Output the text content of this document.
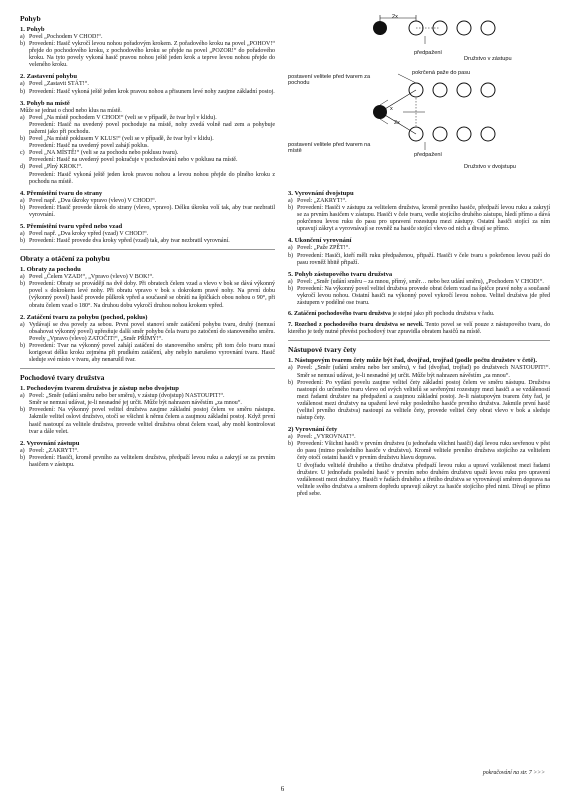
Pohyb
1. Pohyb
a) Povel „Pochodem V CHOD!“.
b) Provedení: Hasič vykročí levou nohou pořadovým krokem. Z pořadového kroku na povel „POHOV!“ přejde do pochodového kroku, z pochodového kroku se přejde na povel „POZOR!“ do pořadového kroku. Na tyto povely vykoná hasič pravou nohou ještě jeden krok a teprve levou nohou přejde do veleného kroku.
2. Zastavení pohybu
a) Povel „Zastavit STÁT!“.
b) Provedení: Hasič vykoná ještě jeden krok pravou nohou a přisunem levé nohy zaujme základní postoj.
3. Pohyb na místě

Může se jednat o chod nebo klus na místě.

a) Povel „Na místě pochodem V CHOD!“ (veli se v případě, že tvar byl v klidu).

Provedení: Hasič na uvedený povel pochoduje na místě, nohy zvedá volně nad zem a pohybuje pažemi jako při pochodu.

b) Povel „Na místě poklusem V KLUS!“ (veli se v případě, že tvar byl v klidu).

Provedení: Hasič na uvedený povel zahájí poklus.

c) Povel „NA MÍSTĚ!“ (veli se za pochodu nebo poklusu tvaru).

Provedení: Hasič na uvedený povel pokračuje v pochodování nebo v poklusu na místě.

d) Povel „Plný KROK!“.

Provedení: Hasič vykoná ještě jeden krok pravou nohou a levou nohou přejde do plného kroku z pochodu na místě.

4. Přemístění tvaru do strany
a) Povel např. „Dva úkroky vpravo (vlevo) V CHOD!“.
b) Provedení: Hasič provede úkrok do strany (vlevo, vpravo). Délku úkroku volí tak, aby tvar nezbratil vyrovnání.
5. Přemístění tvaru vpřed nebo vzad
a) Povel např. „Dva kroky vpřed (vzad) V CHOD!“.
b) Provedení: Hasič provede dva kroky vpřed (vzad) tak, aby tvar nezbratil vyrovnání.
Obraty a otáčení za pohybu
1. Obraty za pochodu
a) Povel „Čelem VZAD!“, „Vpravo (vlevo) V BOK!“.
b) Provedení: Obraty se provádějí na dvě doby. Při obratech čelem vzad a vlevo v bok se dává výkonný povel s dokrokem levé nohy. Při obratu vpravo v bok s dokrokem pravé nohy. Na první dobu (výkonný povel) hasič provede půlkrok vpřed a současně se obrátí na špičkách obou nohou o 90°, při obratu čelem vzad o 180°. Na druhou dobu vykročí druhou nohou krokem vpřed.
2. Zatáčení tvaru za pohybu (pochod, poklus)
a) Vydávají se dva povely za sebou. První povel stanoví směr zatáčení pohybu tvaru, druhý (nemusí obsahovat výkonný povel) upřesňuje další směr pohybu čela tvaru po zatočení do stanoveného směru. Povely „Vpravo (vlevo) ZATOČIT!“, „Směr PŘÍMÝ!“.
b) Provedení: Tvar na výkonný povel zahájí zatáčení do stanoveného směru; při tom čelo tvaru musí korigovat délku kroku zejména při prudkém zatáčení, aby nebylo narušeno vyrovnání tvaru. Hasič sleduje své místo v tvaru, aby nenarušil tvar.
Pochodové tvary družstva
1. Pochodovým tvarem družstva je zástup nebo dvojstup
a) Povel: „Směr (udání směru nebo ber směru), v zástup (dvojstup) NASTOUPIT!“.

Směr se nemusí udávat, je-li nesnadné jej určit. Může být nahrazen návěstím „za mnou“.

b) Provedení: Na výkonný povel velitel družstva zaujme základní postoj čelem ve směru nástupu. Jakmile velitel oslovi družstvo, otočí se všichni k němu čelem a zaujmou základní postoj. Když první hasič nastoupí za velitele družstva, provede velitel družstva obrat čelem vzad, aby mohl kontrolovat tvar a dále velet.
2. Vyrovnání zástupu
a) Povel: „ZAKRYT!“.
b) Provedení: Hasiči, kromě prvního za velitelem družstva, předpaží levou ruku a zakryjí se za prvním hasičem v zástupu.
předpažení
Družstvo v zástupu
2x
pokrčená paže do pasu
postavení velitele před tvarem za pochodu
postavení velitele před tvarem na místě
x
2x
předpažení
Družstvo v dvojstupu
3. Vyrovnání dvojstupu
a) Povel: „ZAKRYT!“.
b) Provedení: Hasiči v zástupu za velitelem družstva, kromě prvního hasiče, předpaží levou ruku a zakryjí se za prvním hasičem v zástupu. Hasiči v čele tvaru, vedle stojícího druhého zástupu, hledí přímo a dává pokrčenou levou ruku do pasu pro upravení rozestupu mezi zástupy. Ostatní hasiči stojící za ním upravují zákryt a vyrovnávají se rovněž na hasiče stojící vlevo od nich a divají se přímo.
4. Ukončení vyrovnání
a) Povel: „Paže ZPĚT!“.
b) Provedení: Hasiči, kteří měli ruku předpaženou, připaží. Hasiči v čele tvaru s pokrčenou levou paží do pasu rovněž hbitě připaží.
5. Pohyb zástupového tvaru družstva
a) Povel: „Směr (udání směru – za mnou, přímý, směr… nebo bez udání směru), „Pochodem V CHOD!“.
b) Provedení: Na výkonný povel velitel družstva provede obrat čelem vzad na špičce pravé nohy a současně vykročí levou nohou. Ostatní hasiči na výkonný povel vykročí levou nohou. Velitel družstva jde před zástupem v podélné ose tvaru.

6. Zatáčení pochodového tvaru družstva je stejné jako při pochodu družstva v řadu.

7. Rozchod z pochodového tvaru družstva se nevelí. Tento povel se velí pouze z nástupového tvaru, do kterého je tedy nutné převést pochodový tvar zpravidla obratem hasičů na místě.

Nástupové tvary čety
1. Nástupovým tvarem čety může být řad, dvojřad, trojřad (podle počtu družstev v četě).
a) Povel: „Směr (udání směru nebo ber směru), v řad (dvojřad, trojřad) po družstvech NASTOUPIT!“. Směr se nemusí udávat, je-li nesnadné jej určit. Může být nahrazen návěstím „za mnou“.
b) Provedení: Po vydání povelu zaujme velitel čety základní postoj čelem ve směru nástupu. Družstva nastoupí do určeného tvaru vlevo od svých velitelů se sevřenými rozestupy mezi hasiči a se vzdáleností mezi řadami družstev na předpažení a zaujmou základní postoj. Je-li nástupovým tvarem čety řad, je vzdálenost mezi družstvy na upažení levé ruky posledního hasiče prvního družstva. Jakmile první hasič (velitel prvního družstva) nastoupí za velitele čety, provede velitel čety obrat vlevo v bok a sleduje nástup čety.
2) Vyrovnání čety
a) Povel: „VYROVNAT!“.
b) Provedení: Všichni hasiči v prvním družstvu (u jednořadu všichni hasiči) dají levou ruku sevřenou v pěst do pasu (mimo posledního hasiče v družstvu). Kromě velitele prvního družstva stojícího za velitelem čety otočí ostatní hasiči v prvním družstvu hlavu doprava.

U dvojřadu velitelé druhého a třetího družstva předpaží levou ruku a upraví vzdálenost mezi řadami družstev. U jednořadu poslední hasič v prvním nebo druhém družstvu upaží levou ruku pro upravení vzdálenosti mezi družstvy. Hasiči v řadách druhého a třetího družstva se vyrovnávají směrem doprava na velitele svého družstva a směrem dopředu upravují zákryt za hasiče stojícího před nimi. Dívají se přímo před sebe.

pokračování na str. 7 >>>
6
